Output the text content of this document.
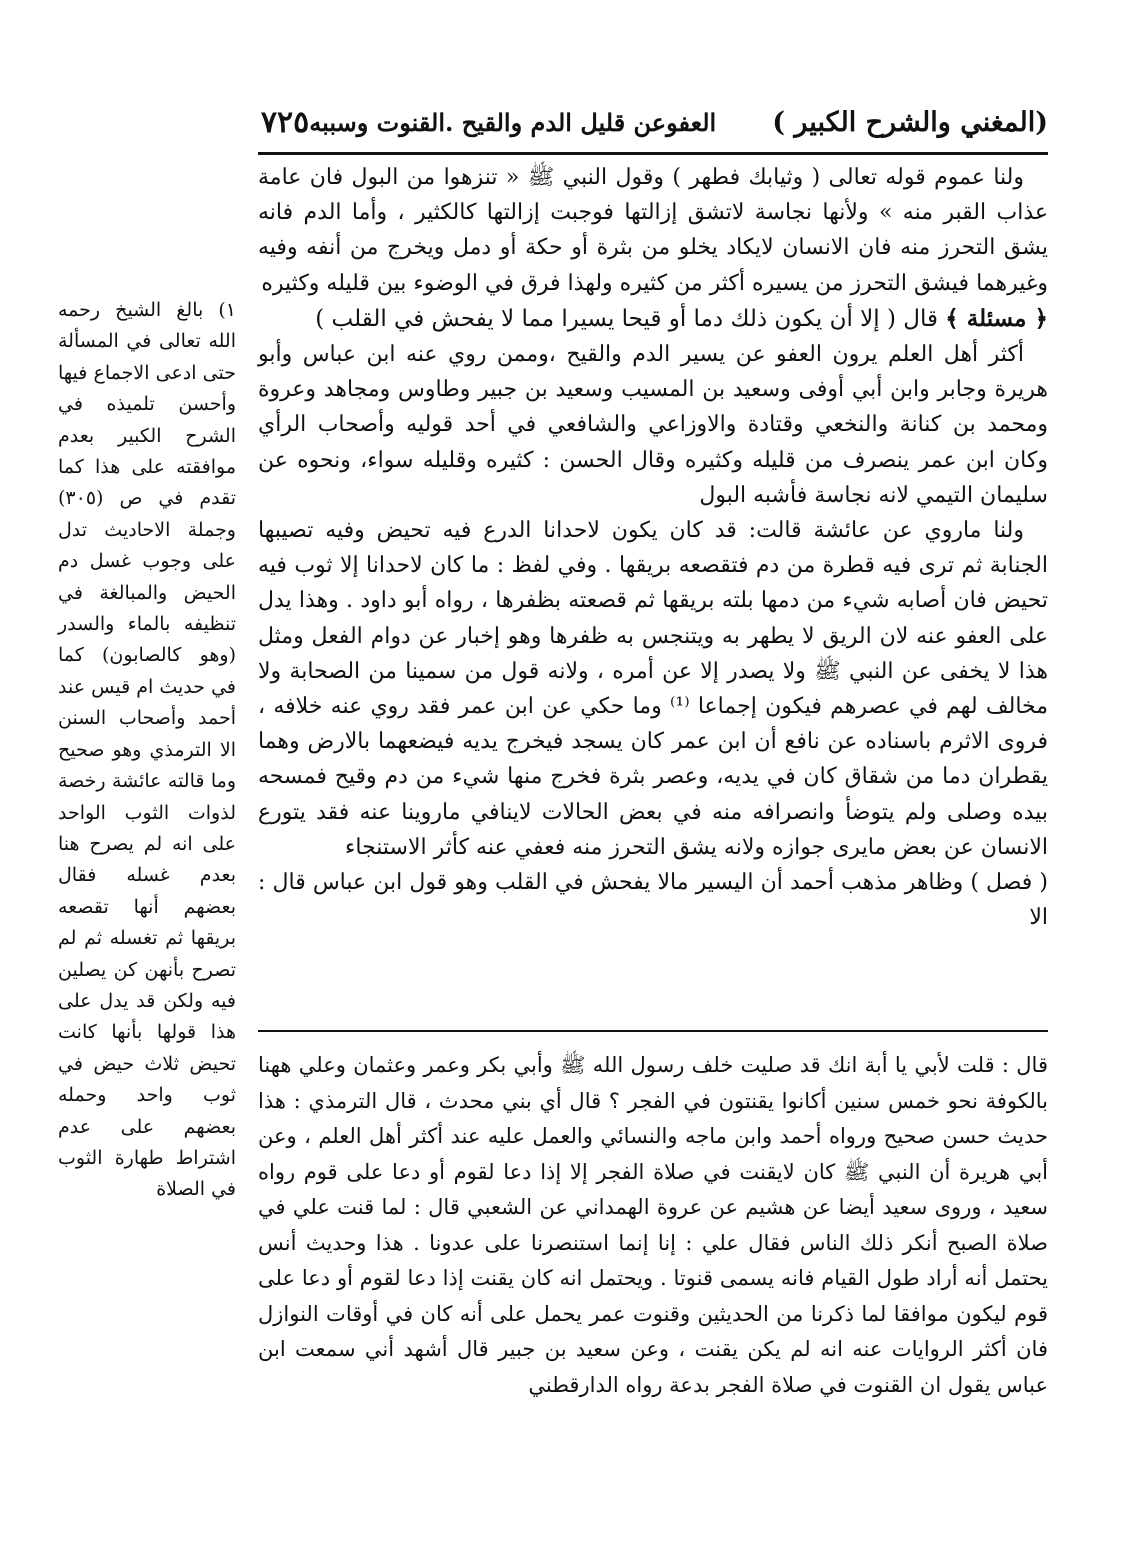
(المغني والشرح الكبير )
العفوعن قليل الدم والقيح .القنوت وسببه
٧٢٥

ولنا عموم قوله تعالى ( وثيابك فطهر ) وقول النبي ﷺ « تنزهوا من البول فان عامة عذاب القبر منه » ولأنها نجاسة لاتشق إزالتها فوجبت إزالتها كالكثير ، وأما الدم فانه يشق التحرز منه فان الانسان لايكاد يخلو من بثرة أو حكة أو دمل ويخرج من أنفه وفيه وغيرهما فيشق التحرز من يسيره أكثر من كثيره ولهذا فرق في الوضوء بين قليله وكثيره

﴿ مسئلة ﴾ قال ( إلا أن يكون ذلك دما أو قيحا يسيرا مما لا يفحش في القلب )

أكثر أهل العلم يرون العفو عن يسير الدم والقيح ،وممن روي عنه ابن عباس وأبو هريرة وجابر وابن أبي أوفى وسعيد بن المسيب وسعيد بن جبير وطاوس ومجاهد وعروة ومحمد بن كنانة والنخعي وقتادة والاوزاعي والشافعي في أحد قوليه وأصحاب الرأي وكان ابن عمر ينصرف من قليله وكثيره وقال الحسن : كثيره وقليله سواء، ونحوه عن سليمان التيمي لانه نجاسة فأشبه البول

ولنا ماروي عن عائشة قالت: قد كان يكون لاحدانا الدرع فيه تحيض وفيه تصيبها الجنابة ثم ترى فيه قطرة من دم فتقصعه بريقها . وفي لفظ : ما كان لاحدانا إلا ثوب فيه تحيض فان أصابه شيء من دمها بلته بريقها ثم قصعته بظفرها ، رواه أبو داود . وهذا يدل على العفو عنه لان الريق لا يطهر به ويتنجس به ظفرها وهو إخبار عن دوام الفعل ومثل هذا لا يخفى عن النبي ﷺ ولا يصدر إلا عن أمره ، ولانه قول من سمينا من الصحابة ولا مخالف لهم في عصرهم فيكون إجماعا ⁽¹⁾ وما حكي عن ابن عمر فقد روي عنه خلافه ، فروى الاثرم باسناده عن نافع أن ابن عمر كان يسجد فيخرج يديه فيضعهما بالارض وهما يقطران دما من شقاق كان في يديه، وعصر بثرة فخرج منها شيء من دم وقيح فمسحه بيده وصلى ولم يتوضأ وانصرافه منه في بعض الحالات لاينافي ماروينا عنه فقد يتورع الانسان عن بعض مايرى جوازه ولانه يشق التحرز منه فعفي عنه كأثر الاستنجاء

( فصل ) وظاهر مذهب أحمد أن اليسير مالا يفحش في القلب وهو قول ابن عباس قال : الا

قال : قلت لأبي يا أبة انك قد صليت خلف رسول الله ﷺ وأبي بكر وعمر وعثمان وعلي ههنا بالكوفة نحو خمس سنين أكانوا يقنتون في الفجر ؟ قال أي بني محدث ، قال الترمذي : هذا حديث حسن صحيح ورواه أحمد وابن ماجه والنسائي والعمل عليه عند أكثر أهل العلم ، وعن أبي هريرة أن النبي ﷺ كان لايقنت في صلاة الفجر إلا إذا دعا لقوم أو دعا على قوم رواه سعيد ، وروى سعيد أيضا عن هشيم عن عروة الهمداني عن الشعبي قال : لما قنت علي في صلاة الصبح أنكر ذلك الناس فقال علي : إنا إنما استنصرنا على عدونا . هذا وحديث أنس يحتمل أنه أراد طول القيام فانه يسمى قنوتا . ويحتمل انه كان يقنت إذا دعا لقوم أو دعا على قوم ليكون موافقا لما ذكرنا من الحديثين وقنوت عمر يحمل على أنه كان في أوقات النوازل فان أكثر الروايات عنه انه لم يكن يقنت ، وعن سعيد بن جبير قال أشهد أني سمعت ابن عباس يقول ان القنوت في صلاة الفجر بدعة رواه الدارقطني

١) بالغ الشيخ رحمه الله تعالى في المسألة حتى ادعى الاجماع فيها وأحسن تلميذه في الشرح الكبير بعدم موافقته على هذا كما تقدم في ص (٣٠٥) وجملة الاحاديث تدل على وجوب غسل دم الحيض والمبالغة في تنظيفه بالماء والسدر (وهو كالصابون) كما في حديث ام قيس عند أحمد وأصحاب السنن الا الترمذي وهو صحيح وما قالته عائشة رخصة لذوات الثوب الواحد على انه لم يصرح هنا بعدم غسله فقال بعضهم أنها تقصعه بريقها ثم تغسله ثم لم تصرح بأنهن كن يصلين فيه ولكن قد يدل على هذا قولها بأنها كانت تحيض ثلاث حيض في ثوب واحد وحمله بعضهم على عدم اشتراط طهارة الثوب في الصلاة
